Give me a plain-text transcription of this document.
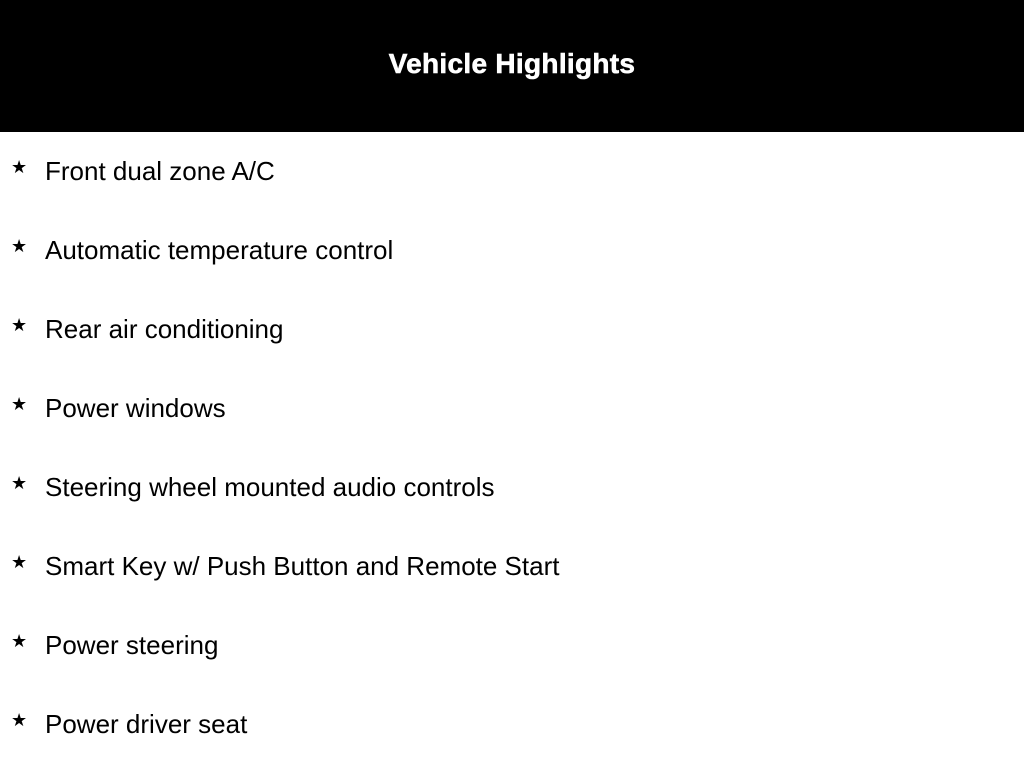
Vehicle Highlights
★ Front dual zone A/C
★ Automatic temperature control
★ Rear air conditioning
★ Power windows
★ Steering wheel mounted audio controls
★ Smart Key w/ Push Button and Remote Start
★ Power steering
★ Power driver seat
